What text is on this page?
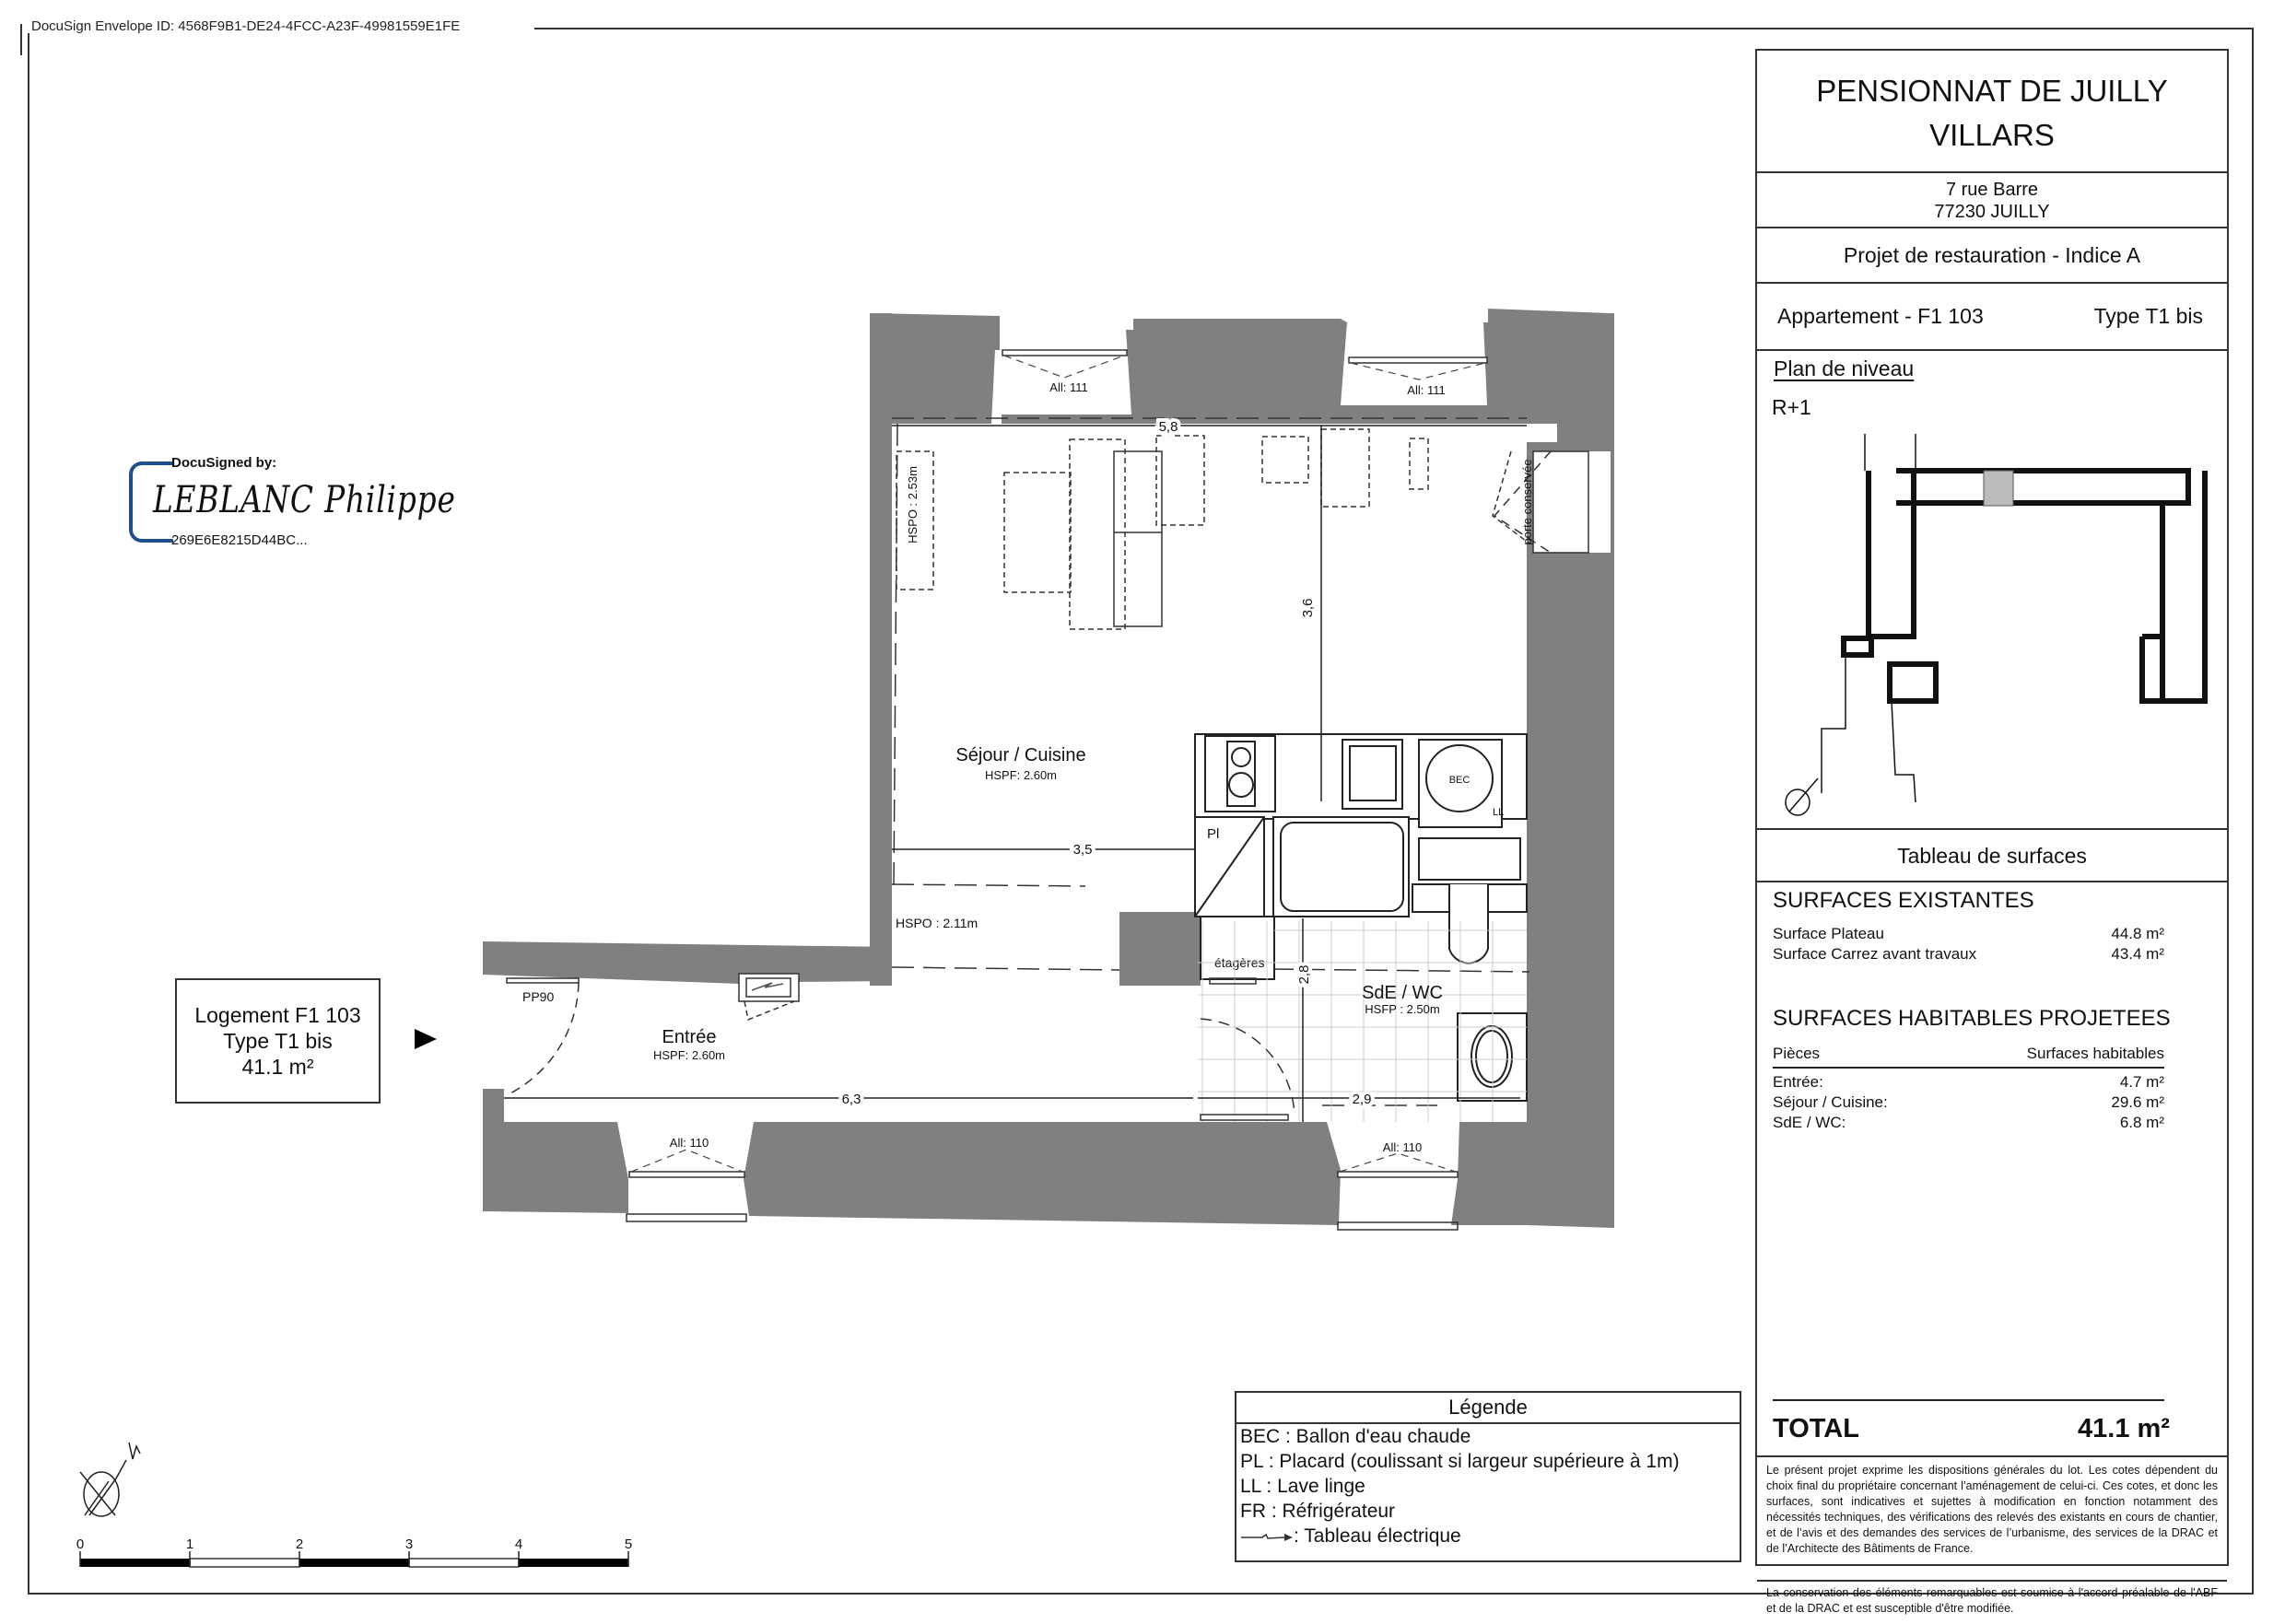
DocuSign Envelope ID: 4568F9B1-DE24-4FCC-A23F-49981559E1FE
DocuSigned by:
LEBLANC Philippe
269E6E8215D44BC...
Logement F1 103
Type T1 bis
41.1 m²
BEC
LL
Pl
étagères
5,8
3,5
6,3	2,9
3,6
2,8
Séjour / Cuisine
HSPF: 2.60m
Entrée
HSPF: 2.60m
SdE / WC
HSFP : 2.50m
HSPO : 2.11m
HSPO : 2.53m	porte conservée
PP90
All: 111	All: 111
All: 110	All: 110
0	1	2	3	4	5
Légende
BEC : Ballon d'eau chaude
PL : Placard (coulissant si largeur supérieure à 1m)
LL : Lave linge
FR : Réfrigérateur
: Tableau électrique
PENSIONNAT DE JUILLY
VILLARS
7 rue Barre
77230 JUILLY
Projet de restauration - Indice A
Appartement - F1 103	Type T1 bis
Plan de niveau
R+1
Tableau de surfaces
SURFACES EXISTANTES
Surface Plateau	44.8 m²
Surface Carrez avant travaux	43.4 m²
SURFACES HABITABLES PROJETEES
Pièces	Surfaces habitables
Entrée:	4.7 m²
Séjour / Cuisine:	29.6 m²
SdE / WC:	6.8 m²
TOTAL	41.1 m²
Le présent projet exprime les dispositions générales du lot. Les cotes dépendent du choix final du propriétaire concernant l’aménagement de celui-ci. Ces cotes, et donc les surfaces, sont indicatives et sujettes à modification en fonction notamment des nécessités techniques, des vérifications des relevés des existants en cours de chantier, et de l’avis et des demandes des services de l’urbanisme, des services de la DRAC et de l’Architecte des Bâtiments de France.
La conservation des éléments remarquables est soumise à l'accord préalable de l'ABF et de la DRAC et est susceptible d'être modifiée.
